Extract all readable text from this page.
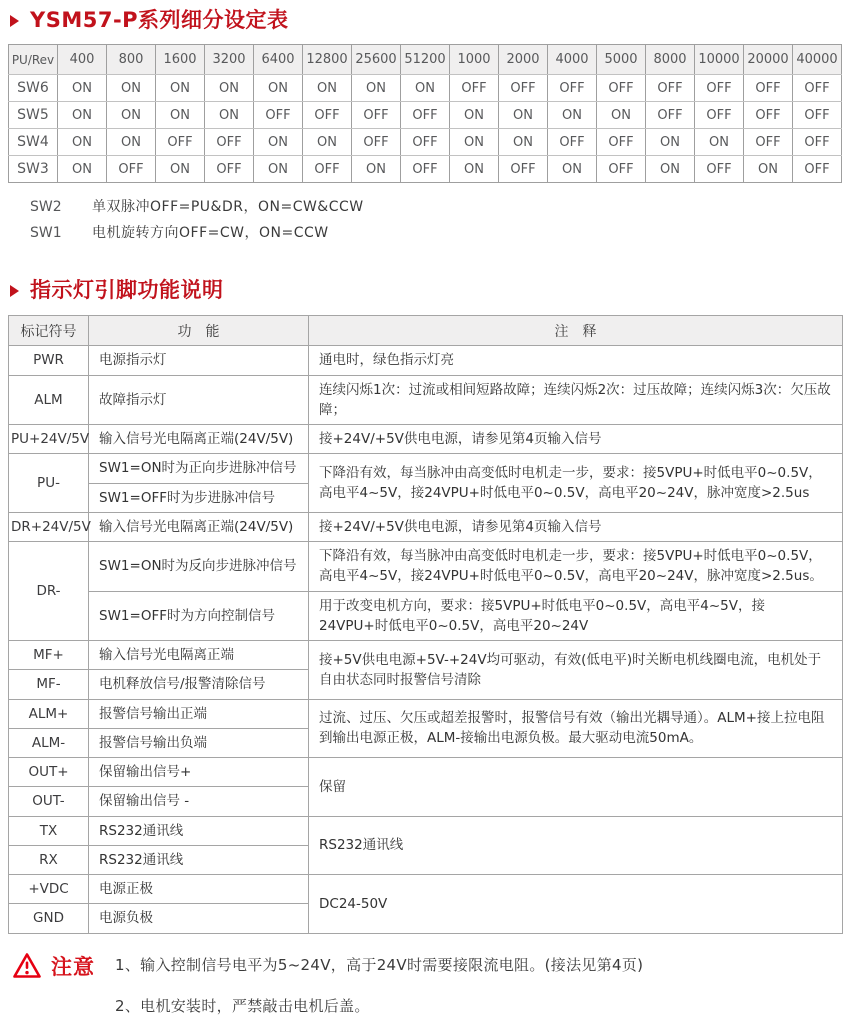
YSM57-P系列细分设定表
PU/Rev	400	800	1600	3200	6400	12800	25600	51200	1000	2000	4000	5000	8000	10000	20000	40000
SW6	ON	ON	ON	ON	ON	ON	ON	ON	OFF	OFF	OFF	OFF	OFF	OFF	OFF	OFF
SW5	ON	ON	ON	ON	OFF	OFF	OFF	OFF	ON	ON	ON	ON	OFF	OFF	OFF	OFF
SW4	ON	ON	OFF	OFF	ON	ON	OFF	OFF	ON	ON	OFF	OFF	ON	ON	OFF	OFF
SW3	ON	OFF	ON	OFF	ON	OFF	ON	OFF	ON	OFF	ON	OFF	ON	OFF	ON	OFF
SW2	单双脉冲OFF=PU&DR，ON=CW&CCW
SW1	电机旋转方向OFF=CW，ON=CCW
指示灯引脚功能说明
标记符号	功　能	注　释
PWR	电源指示灯	通电时，绿色指示灯亮
ALM	故障指示灯	连续闪烁1次：过流或相间短路故障；连续闪烁2次：过压故障；连续闪烁3次：欠压故障；
PU+24V/5V	输入信号光电隔离正端(24V/5V)	接+24V/+5V供电电源，请参见第4页输入信号
PU-	SW1=ON时为正向步进脉冲信号	下降沿有效，每当脉冲由高变低时电机走一步，要求：接5VPU+时低电平0~0.5V，高电平4~5V，接24VPU+时低电平0~0.5V，高电平20~24V，脉冲宽度>2.5us
	SW1=OFF时为步进脉冲信号	
DR+24V/5V	输入信号光电隔离正端(24V/5V)	接+24V/+5V供电电源，请参见第4页输入信号
DR-	SW1=ON时为反向步进脉冲信号	下降沿有效，每当脉冲由高变低时电机走一步，要求：接5VPU+时低电平0~0.5V，高电平4~5V，接24VPU+时低电平0~0.5V，高电平20~24V，脉冲宽度>2.5us。
	SW1=OFF时为方向控制信号	用于改变电机方向，要求：接5VPU+时低电平0~0.5V，高电平4~5V，接24VPU+时低电平0~0.5V，高电平20~24V
MF+	输入信号光电隔离正端	接+5V供电电源+5V-+24V均可驱动，有效(低电平)时关断电机线圈电流，电机处于自由状态同时报警信号清除
MF-	电机释放信号/报警清除信号	
ALM+	报警信号输出正端	过流、过压、欠压或超差报警时，报警信号有效（输出光耦导通）。ALM+接上拉电阻到输出电源正极，ALM-接输出电源负极。最大驱动电流50mA。
ALM-	报警信号输出负端	
OUT+	保留输出信号+	保留
OUT-	保留输出信号 -	
TX	RS232通讯线	RS232通讯线
RX	RS232通讯线	
+VDC	电源正极	DC24-50V
GND	电源负极	
注意 1、输入控制信号电平为5~24V，高于24V时需要接限流电阻。(接法见第4页)
2、电机安装时，严禁敲击电机后盖。
